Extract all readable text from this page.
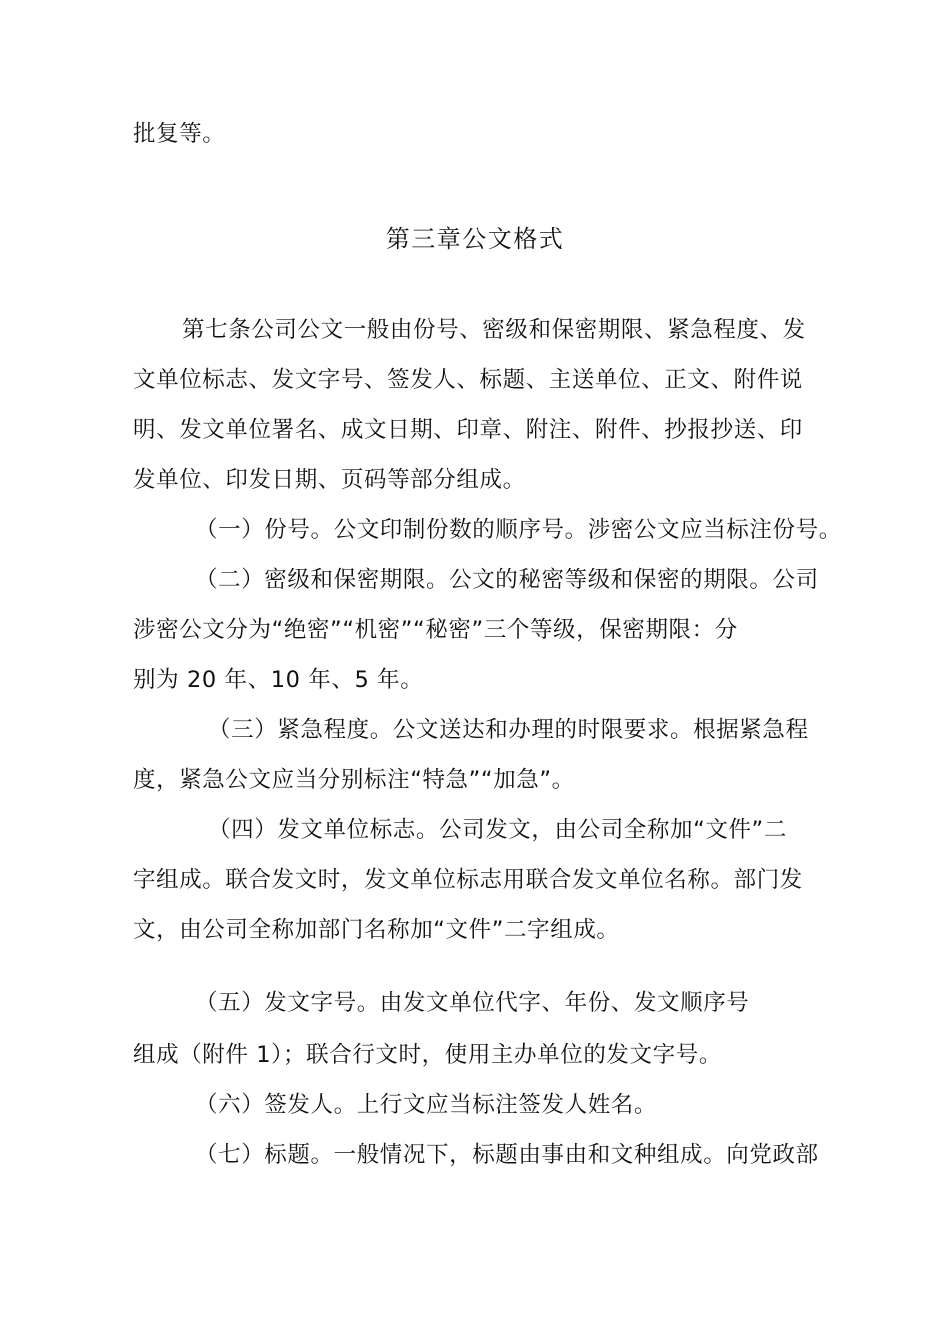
批复等。
第三章公文格式
第七条公司公文一般由份号、密级和保密期限、紧急程度、发
文单位标志、发文字号、签发人、标题、主送单位、正文、附件说
明、发文单位署名、成文日期、印章、附注、附件、抄报抄送、印
发单位、印发日期、页码等部分组成。
（一）份号。公文印制份数的顺序号。涉密公文应当标注份号。
（二）密级和保密期限。公文的秘密等级和保密的期限。公司
涉密公文分为“绝密”“机密”“秘密”三个等级，保密期限：分
别为 20 年、10 年、5 年。
（三）紧急程度。公文送达和办理的时限要求。根据紧急程
度，紧急公文应当分别标注“特急”“加急”。
（四）发文单位标志。公司发文，由公司全称加“文件”二
字组成。联合发文时，发文单位标志用联合发文单位名称。部门发
文，由公司全称加部门名称加“文件”二字组成。
（五）发文字号。由发文单位代字、年份、发文顺序号
组成（附件 1）；联合行文时，使用主办单位的发文字号。
（六）签发人。上行文应当标注签发人姓名。
（七）标题。一般情况下，标题由事由和文种组成。向党政部
